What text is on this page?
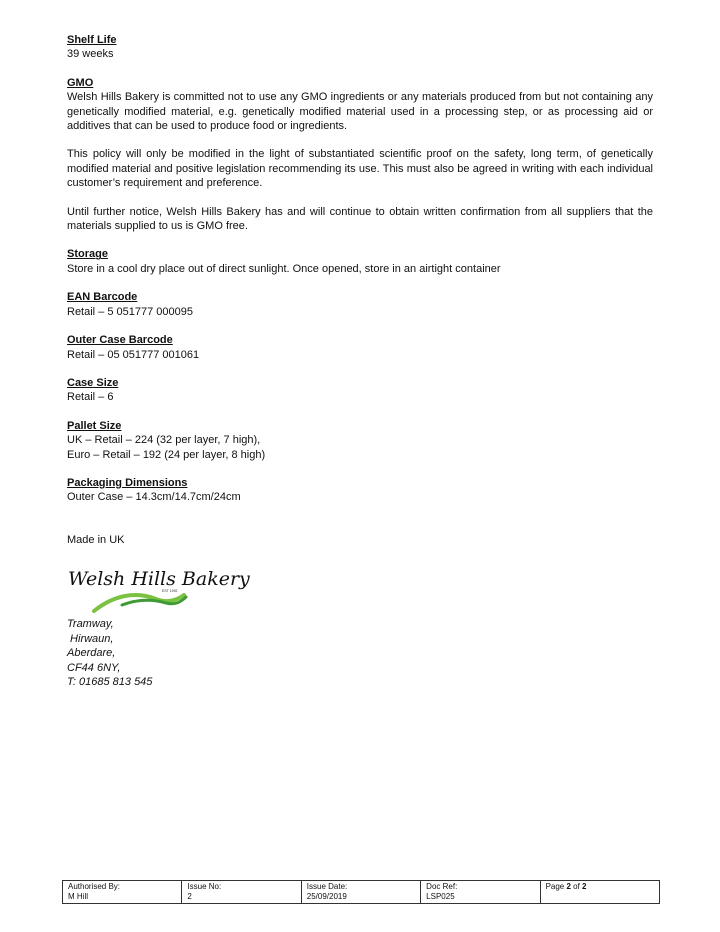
Shelf Life
39 weeks
GMO

Welsh Hills Bakery is committed not to use any GMO ingredients or any materials produced from but not containing any genetically modified material, e.g. genetically modified material used in a processing step, or as processing aid or additives that can be used to produce food or ingredients.

This policy will only be modified in the light of substantiated scientific proof on the safety, long term, of genetically modified material and positive legislation recommending its use. This must also be agreed in writing with each individual customer’s requirement and preference.

Until further notice, Welsh Hills Bakery has and will continue to obtain written confirmation from all suppliers that the materials supplied to us is GMO free.

Storage
Store in a cool dry place out of direct sunlight. Once opened, store in an airtight container
EAN Barcode
Retail – 5 051777 000095
Outer Case Barcode
Retail – 05 051777 001061
Case Size
Retail – 6
Pallet Size
UK – Retail – 224 (32 per layer, 7 high),
Euro – Retail – 192 (24 per layer, 8 high)
Packaging Dimensions
Outer Case – 14.3cm/14.7cm/24cm
Made in UK
Welsh Hills Bakery
EST 1992
Tramway,
Hirwaun,
Aberdare,
CF44 6NY,
T: 01685 813 545
Authorised By:
M Hill

Issue No:
2

Issue Date:
25/09/2019

Doc Ref:
LSP025
	Page 2 of 2
